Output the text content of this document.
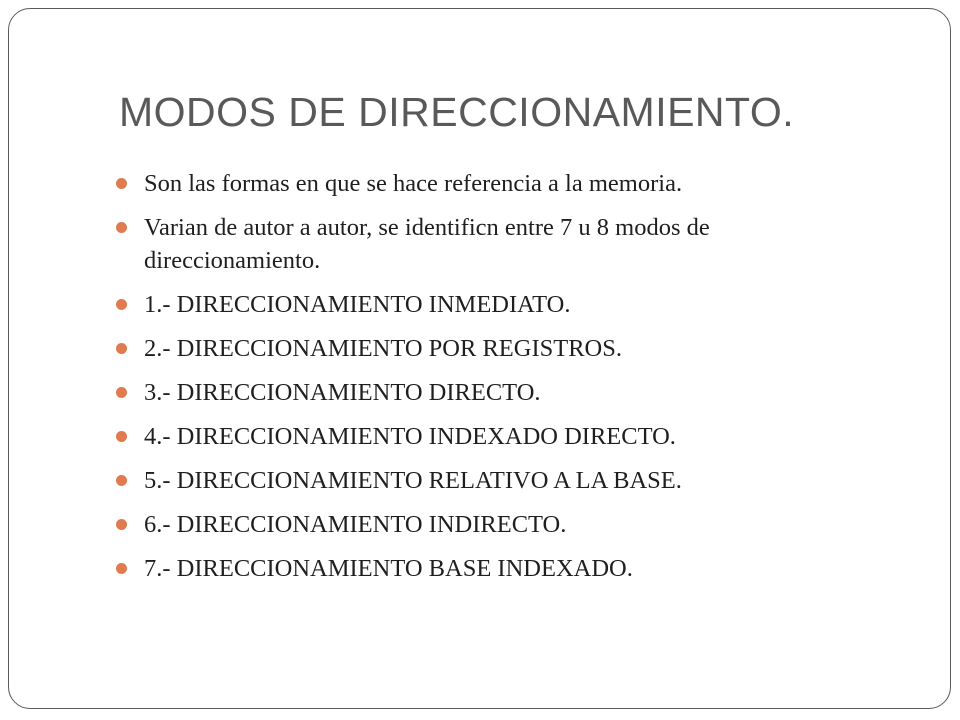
MODOS DE DIRECCIONAMIENTO.
Son las formas en que se hace referencia a la memoria.
Varian de autor a autor, se identificn entre 7 u 8 modos de direccionamiento.
1.- DIRECCIONAMIENTO INMEDIATO.
2.- DIRECCIONAMIENTO POR REGISTROS.
3.- DIRECCIONAMIENTO DIRECTO.
4.- DIRECCIONAMIENTO INDEXADO DIRECTO.
5.- DIRECCIONAMIENTO RELATIVO A LA BASE.
6.- DIRECCIONAMIENTO INDIRECTO.
7.- DIRECCIONAMIENTO BASE INDEXADO.
